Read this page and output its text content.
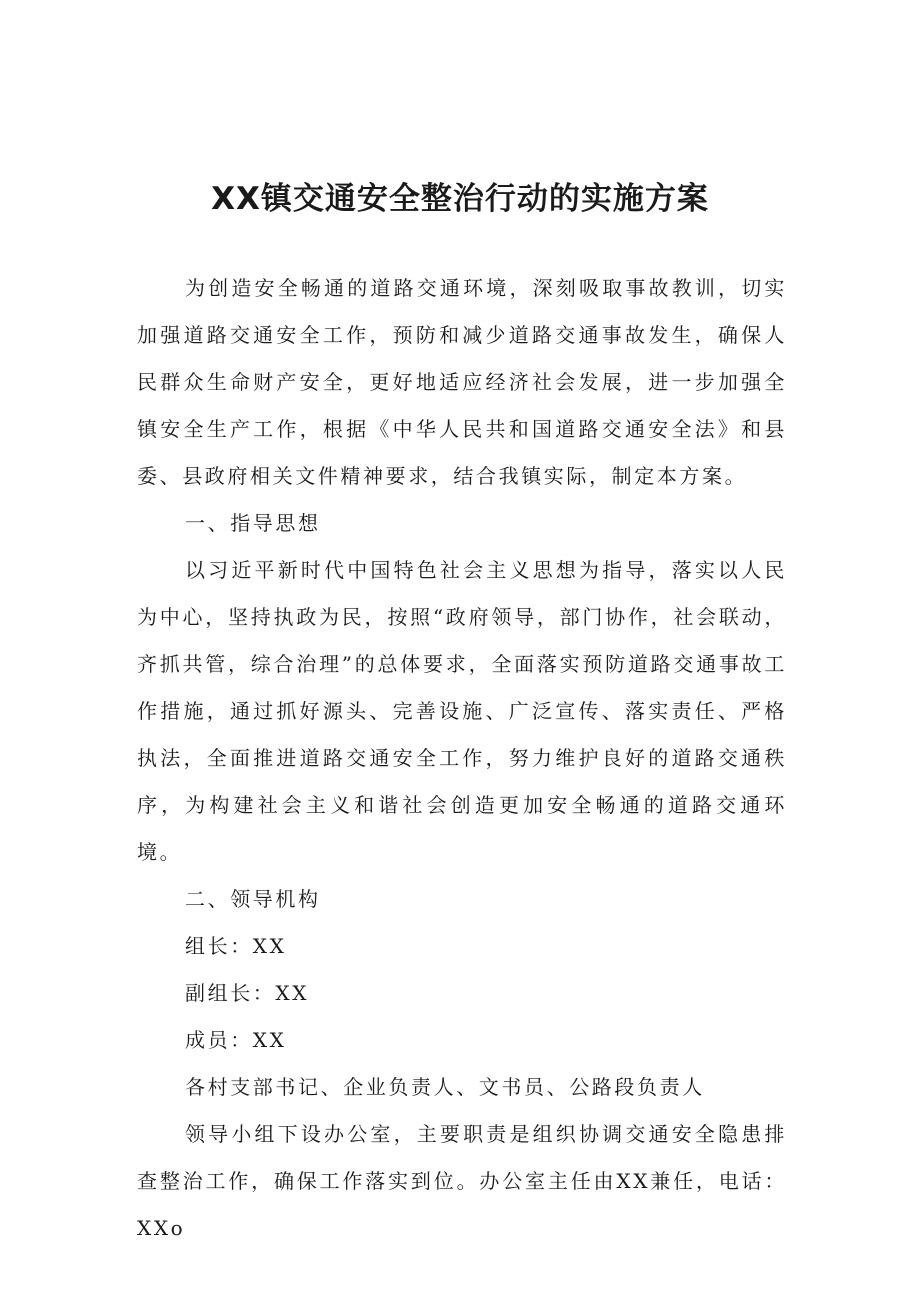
XX镇交通安全整治行动的实施方案

为创造安全畅通的道路交通环境，深刻吸取事故教训，切实加强道路交通安全工作，预防和减少道路交通事故发生，确保人民群众生命财产安全，更好地适应经济社会发展，进一步加强全镇安全生产工作，根据《中华人民共和国道路交通安全法》和县委、县政府相关文件精神要求，结合我镇实际，制定本方案。

一、指导思想

以习近平新时代中国特色社会主义思想为指导，落实以人民为中心，坚持执政为民，按照“政府领导，部门协作，社会联动，齐抓共管，综合治理”的总体要求，全面落实预防道路交通事故工作措施，通过抓好源头、完善设施、广泛宣传、落实责任、严格执法，全面推进道路交通安全工作，努力维护良好的道路交通秩序，为构建社会主义和谐社会创造更加安全畅通的道路交通环境。

二、领导机构

组长：XX

副组长：XX

成员：XX

各村支部书记、企业负责人、文书员、公路段负责人

领导小组下设办公室，主要职责是组织协调交通安全隐患排查整治工作，确保工作落实到位。办公室主任由XX兼任，电话：XXo
